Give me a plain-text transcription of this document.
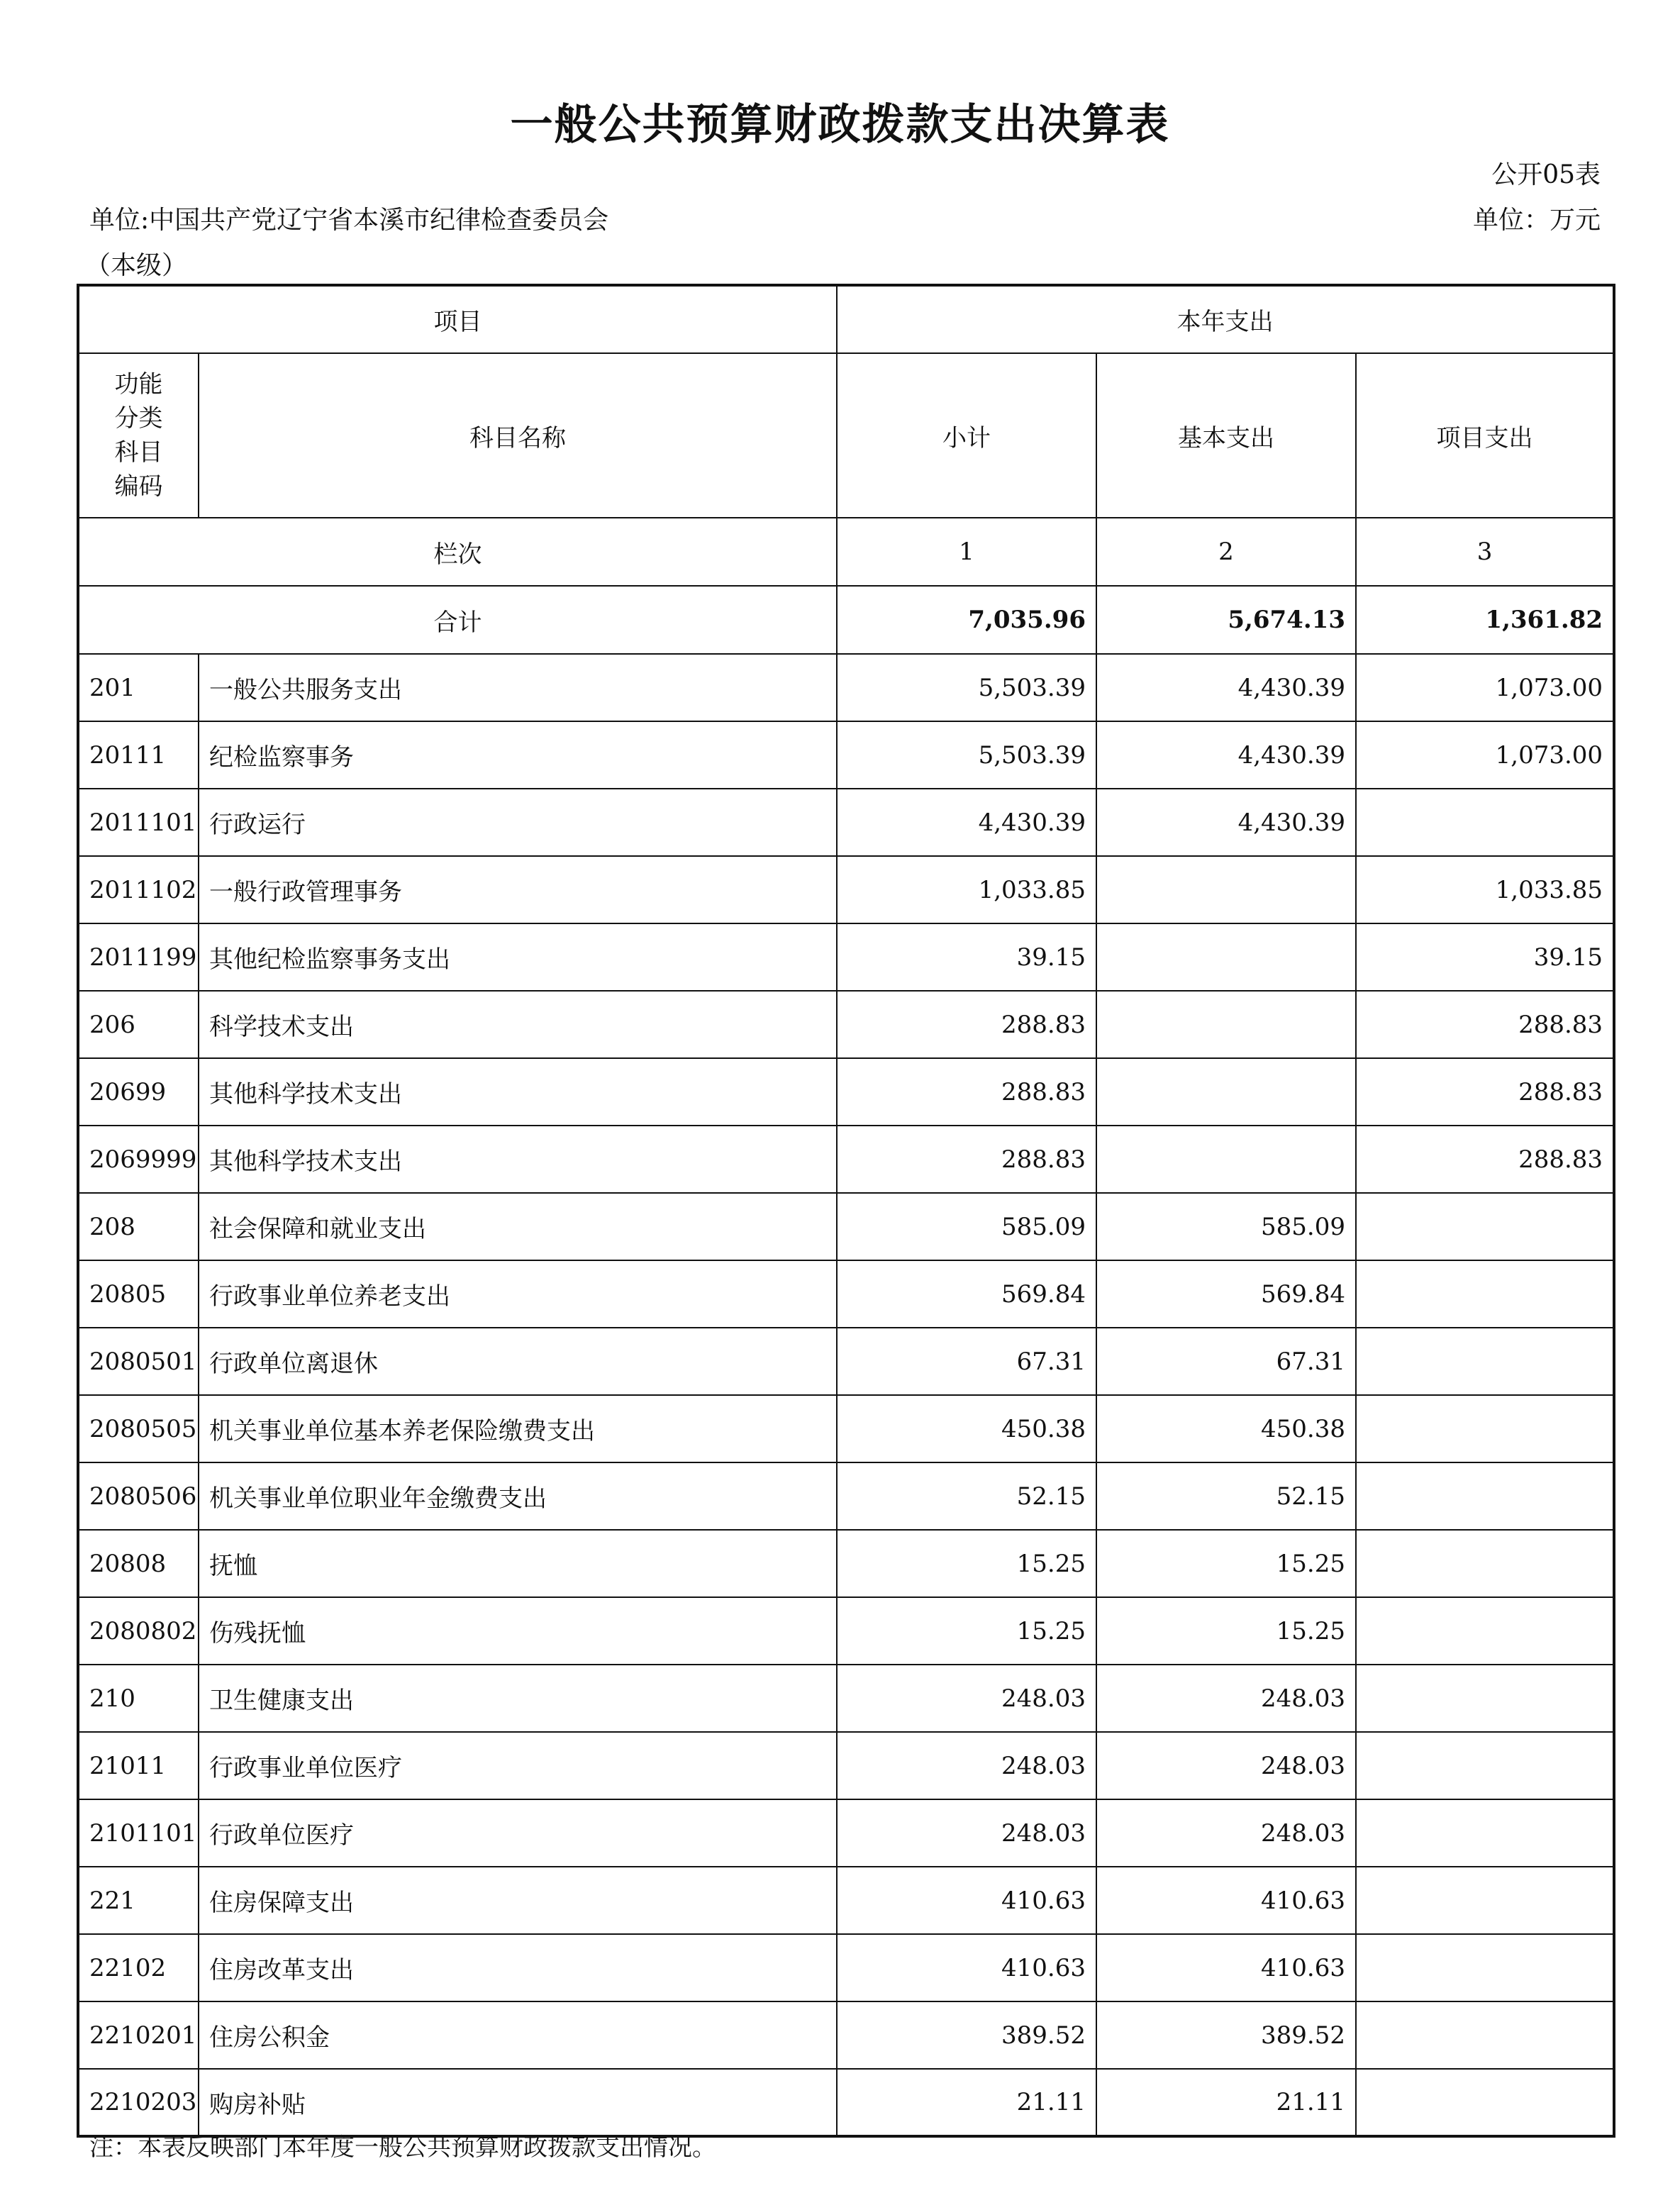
一般公共预算财政拨款支出决算表
公开05表
单位:中国共产党辽宁省本溪市纪律检查委员会	单位：万元
（本级）
项目		本年支出		

功能分类科目编码	科目名称	小计	基本支出	项目支出
栏次		1	2	3
合计		7,035.96	5,674.13	1,361.82
201	一般公共服务支出	5,503.39	4,430.39	1,073.00
20111	纪检监察事务	5,503.39	4,430.39	1,073.00
2011101	行政运行	4,430.39	4,430.39	
2011102	一般行政管理事务	1,033.85		1,033.85
2011199	其他纪检监察事务支出	39.15		39.15
206	科学技术支出	288.83		288.83
20699	其他科学技术支出	288.83		288.83
2069999	其他科学技术支出	288.83		288.83
208	社会保障和就业支出	585.09	585.09	
20805	行政事业单位养老支出	569.84	569.84	
2080501	行政单位离退休	67.31	67.31	
2080505	机关事业单位基本养老保险缴费支出	450.38	450.38	
2080506	机关事业单位职业年金缴费支出	52.15	52.15	
20808	抚恤	15.25	15.25	
2080802	伤残抚恤	15.25	15.25	
210	卫生健康支出	248.03	248.03	
21011	行政事业单位医疗	248.03	248.03	
2101101	行政单位医疗	248.03	248.03	
221	住房保障支出	410.63	410.63	
22102	住房改革支出	410.63	410.63	
2210201	住房公积金	389.52	389.52	
2210203	购房补贴	21.11	21.11	
注：本表反映部门本年度一般公共预算财政拨款支出情况。
